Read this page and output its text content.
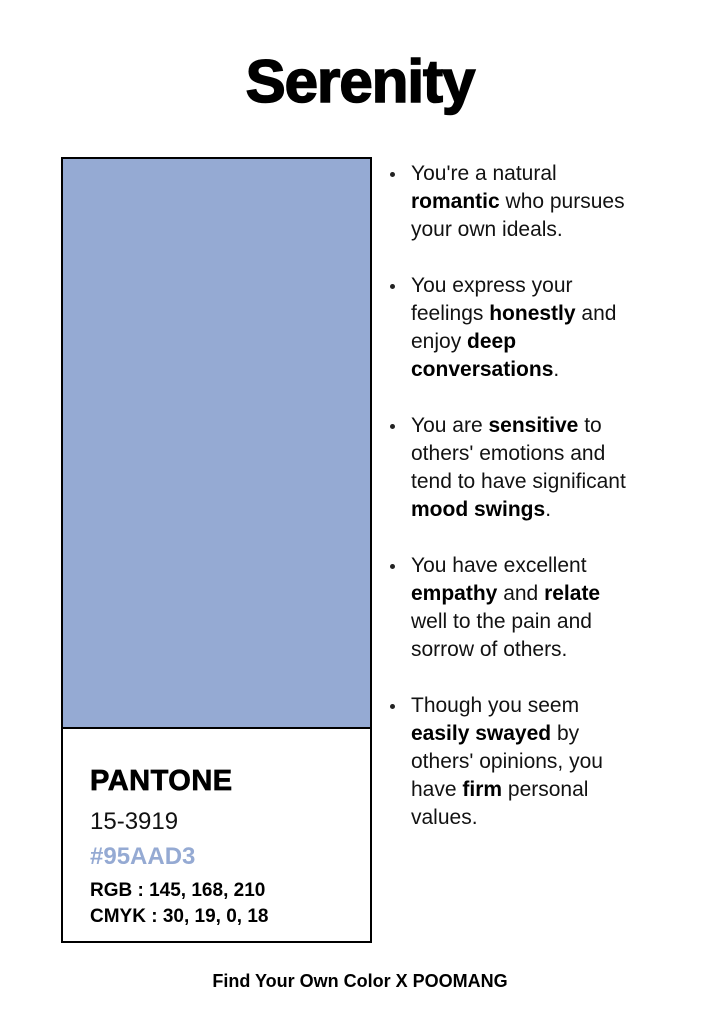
Serenity
PANTONE
15-3919
#95AAD3
RGB : 145, 168, 210
CMYK : 30, 19, 0, 18
You're a natural romantic who pursues your own ideals.
You express your feelings honestly and enjoy deep conversations.
You are sensitive to others' emotions and tend to have significant mood swings.
You have excellent empathy and relate well to the pain and sorrow of others.
Though you seem easily swayed by others' opinions, you have firm personal values.
Find Your Own Color X POOMANG
